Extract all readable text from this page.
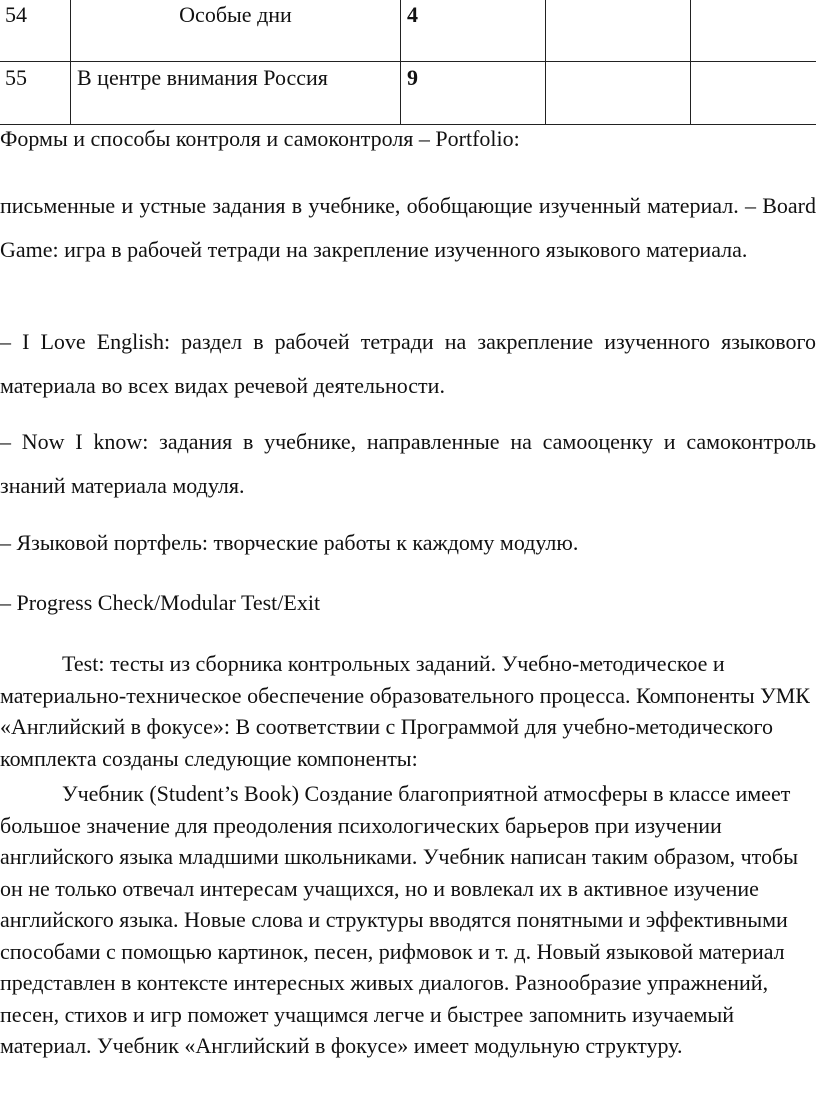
54	Особые дни	4		
55	В центре внимания Россия	9		

Формы и способы контроля и самоконтроля – Portfolio:

письменные и устные задания в учебнике, обобщающие изученный материал. – Board Game: игра в рабочей тетради на закрепление изученного языкового материала.

– I Love English: раздел в рабочей тетради на закрепление изученного языкового материала во всех видах речевой деятельности.

– Now I know: задания в учебнике, направленные на самооценку и самоконтроль знаний материала модуля.

– Языковой портфель: творческие работы к каждому модулю.

– Progress Check/Modular Test/Exit

Test: тесты из сборника контрольных заданий. Учебно-методическое и материально-техническое обеспечение образовательного процесса. Компоненты УМК «Английский в фокусе»: В соответствии с Программой для учебно-методического комплекта созданы следующие компоненты:

Учебник (Student’s Book) Создание благоприятной атмосферы в классе имеет большое значение для преодоления психологических барьеров при изучении английского языка младшими школьниками. Учебник написан таким образом, чтобы он не только отвечал интересам учащихся, но и вовлекал их в активное изучение английского языка. Новые слова и структуры вводятся понятными и эффективными способами с помощью картинок, песен, рифмовок и т. д. Новый языковой материал представлен в контексте интересных живых диалогов. Разнообразие упражнений, песен, стихов и игр поможет учащимся легче и быстрее запомнить изучаемый материал. Учебник «Английский в фокусе» имеет модульную структуру.
